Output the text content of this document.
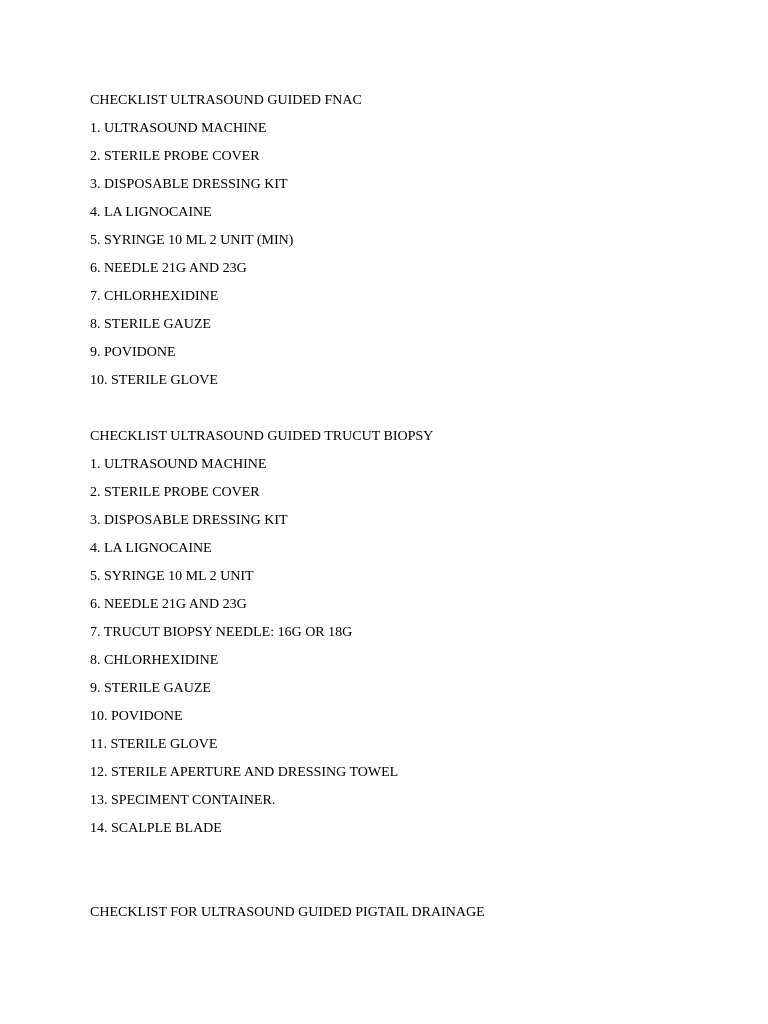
CHECKLIST ULTRASOUND GUIDED FNAC
1. ULTRASOUND MACHINE
2. STERILE PROBE COVER
3. DISPOSABLE DRESSING KIT
4. LA LIGNOCAINE
5. SYRINGE 10 ML 2 UNIT (MIN)
6. NEEDLE 21G AND 23G
7. CHLORHEXIDINE
8. STERILE GAUZE
9. POVIDONE
10. STERILE GLOVE
CHECKLIST ULTRASOUND GUIDED TRUCUT BIOPSY
1. ULTRASOUND MACHINE
2. STERILE PROBE COVER
3. DISPOSABLE DRESSING KIT
4. LA LIGNOCAINE
5. SYRINGE 10 ML 2 UNIT
6. NEEDLE 21G AND 23G
7. TRUCUT BIOPSY NEEDLE: 16G OR 18G
8. CHLORHEXIDINE
9. STERILE GAUZE
10. POVIDONE
11. STERILE GLOVE
12. STERILE APERTURE AND DRESSING TOWEL
13. SPECIMENT CONTAINER.
14. SCALPLE BLADE
CHECKLIST FOR ULTRASOUND GUIDED PIGTAIL DRAINAGE
